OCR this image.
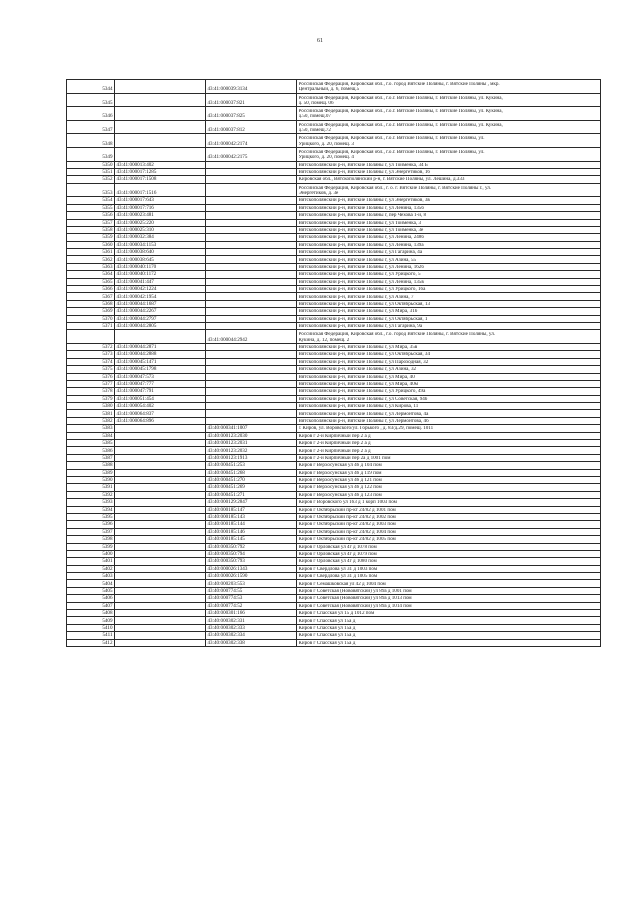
61
5344		43:41:000039:3134	Российская Федерация, Кировская обл., г.о. город Вятские Поляны, г. Вятские Поляны , мкр.
Центральный, д. 6, помещ.5

5345		43:41:000037:821	Российская Федерация, Кировская обл., г.о.г. Вятские Поляны, г. Вятские Поляны, ул. Кукина,
д. 50, помещ. 06

5346		43:41:000037:825	Российская Федерация, Кировская обл., г.о.г. Вятские Поляны, г. Вятские Поляны, ул. Кукина,
д.50, помещ.07

5347		43:41:000037:812	Российская Федерация, Кировская обл., г.о.г. Вятские Поляны, г. Вятские Поляны, ул. Кукина,
д.50, помещ.72

5348		43:41:000042:2174	Российская Федерация, Кировская обл., г.о.г. Вятские Поляны, г. Вятские Поляны, ул.
Урицкого, д. 20, помещ. 3

5349		43:41:000042:2175	Российская Федерация, Кировская обл., г.о.г. Вятские Поляны, г. Вятские Поляны, ул.
Урицкого, д. 20, помещ. 4

5350	43:41:000013:402		Вятскополянский р-н, Вятские Поляны г, ул Тойменка, 34 Б

5351	43:41:000017:1285		Вятскополянский р-н, Вятские Поляны г, ул Энергетиков, 16

5352	43:41:000017:1508		Кировская обл., Вятскополянский р-н, г. Вятские Поляны, ул. Лешина, д.333

5353	43:41:000017:1516		Российская Федерация, Кировская обл., г. о. г. Вятские Поляны, г. Вятские Поляны г., ул.
Энергетиков, д. 3е

5354	43:41:000017:643		Вятскополянский р-н, Вятские Поляны г, ул Энергетиков, 3в

5355	43:41:000017:716		Вятскополянский р-н, Вятские Поляны г, ул Ленина, 135б

5356	43:41:000023:481		Вятскополянский р-н, Вятские Поляны г, пер Чехова 1-й, 8

5357	43:41:000025:220		Вятскополянский р-н, Вятские Поляны г, ул Тойменка, 3

5358	43:41:000025:310		Вятскополянский р-н, Вятские Поляны г, ул Тойменка, 3е

5359	43:41:000032:384		Вятскополянский р-н, Вятские Поляны г, ул Ленина, 248б

5360	43:41:000034:1153		Вятскополянский р-н, Вятские Поляны г, ул Ленина, 139а

5361	43:41:000038:640		Вятскополянский р-н, Вятские Поляны г, ул Гагарина, 4а

5362	43:41:000038:645		Вятскополянский р-н, Вятские Поляны г, ул Азина, 55

5363	43:41:000040:1170		Вятскополянский р-н, Вятские Поляны г, ул Ленина, 162б

5364	43:41:000040:1172		Вятскополянский р-н, Вятские Поляны г, ул Урицкого, 5

5365	43:41:000041:447		Вятскополянский р-н, Вятские Поляны г, ул Ленина, 135в

5366	43:41:000042:1224		Вятскополянский р-н, Вятские Поляны г, ул Урицкого, 16а

5367	43:41:000042:1954		Вятскополянский р-н, Вятские Поляны г, ул Азина, 7

5368	43:41:000044:1687		Вятскополянский р-н, Вятские Поляны г, ул Октябрьская, 13

5369	43:41:000044:2267		Вятскополянский р-н, Вятские Поляны г, ул Мира, 31б

5370	43:41:000044:2797		Вятскополянский р-н, Вятские Поляны г, ул Октябрьская, 1

5371	43:41:000044:2805		Вятскополянский р-н, Вятские Поляны г, ул Гагарина, 9а

		43:41:000044:2942	Российская Федерация, Кировская обл., г.о. город Вятские Поляны, г. Вятские Поляны, ул.
Кукина, д. 12, помещ. 2

5372	43:41:000044:2871		Вятскополянский р-н, Вятские Поляны г, ул Мира, 35в

5373	43:41:000044:2888		Вятскополянский р-н, Вятские Поляны г, ул Октябрьская, 34

5374	43:41:000045:1471		Вятскополянский р-н, Вятские Поляны г, ул Пароходная, 32

5375	43:41:000045:1798		Вятскополянский р-н, Вятские Поляны г, ул Азина, 32

5376	43:41:000047:573		Вятскополянский р-н, Вятские Поляны г, ул Мира, 40

5377	43:41:000047:777		Вятскополянский р-н, Вятские Поляны г, ул Мира, 40м

5378	43:41:000047:791		Вятскополянский р-н, Вятские Поляны г, ул Урицкого, 49а

5379	43:41:000051:454		Вятскополянский р-н, Вятские Поляны г, ул Советская, 94б

5380	43:41:000054:402		Вятскополянский р-н, Вятские Поляны г, ул Кирова, 11

5381	43:41:000064:837		Вятскополянский р-н, Вятские Поляны г, ул Лермонтова, 4а

5382	43:41:000064:896		Вятскополянский р-н, Вятские Поляны г, ул Лермонтова, 4б

5383		43:40:000341:1007	г. Киров, ул. Воровского/ул. Горького , д. 83/д.29, помещ. 1011

5384		43:40:000123:2030	Киров г 2-й Кирпичный пер 2 а д

5385		43:40:000123:2031	Киров г 2-й Кирпичный пер 2 а д

5386		43:40:000123:2032	Киров г 2-й Кирпичный пер 2 а д

5387		43:40:000123:1913	Киров г 2-й Кирпичный пер 2а д 1001 пом

5388		43:40:000451:253	Киров г Верхосунская ул 46 д 104 пом

5389		43:40:000451:268	Киров г Верхосунская ул 46 д 119 пом

5390		43:40:000451:270	Киров г Верхосунская ул 46 д 121 пом

5391		43:40:000451:269	Киров г Верхосунская ул 46 д 122 пом

5392		43:40:000451:271	Киров г Верхосунская ул 46 д 123 пом

5393		43:40:000129:2847	Киров г Воровского ул 163 д 1 корп 1003 пом

5394		43:40:000185:147	Киров г Октябрьский пр-кт 24/82 д 1001 пом

5395		43:40:000185:143	Киров г Октябрьский пр-кт 24/82 д 1002 пом

5396		43:40:000185:144	Киров г Октябрьский пр-кт 24/82 д 1003 пом

5397		43:40:000185:146	Киров г Октябрьский пр-кт 24/82 д 1004 пом

5398		43:40:000185:145	Киров г Октябрьский пр-кт 24/82 д 1005 пом

5399		43:40:000350:792	Киров г Орловская ул 4г д 1078 пом

5400		43:40:000350:794	Киров г Орловская ул 4г д 1079 пом

5401		43:40:000350:793	Киров г Орловская ул 4г д 1080 пом

5402		43:40:000026:1343	Киров г Свердлова ул 31 д 1003 пом

5403		43:40:000026:1590	Киров г Свердлова ул 31 д 1005 пом

5404		43:40:000203:553	Киров г Семашковская ул 42 д 1004 пом

5405		43:40:000774:55	Киров г Советская (Нововятский) ул 89а д 1001 пом

5406		43:40:000774:53	Киров г Советская (Нововятский) ул 89а д 1013 пом

5407		43:40:000774:52	Киров г Советская (Нововятский) ул 89а д 1014 пом

5408		43:40:000301:166	Киров г Спасская ул 15 д 1012 пом

5409		43:40:000302:331	Киров г Спасская ул 15а д

5410		43:40:000302:333	Киров г Спасская ул 15а д

5411		43:40:000302:334	Киров г Спасская ул 15а д

5412		43:40:000302:338	Киров г Спасская ул 15а д
